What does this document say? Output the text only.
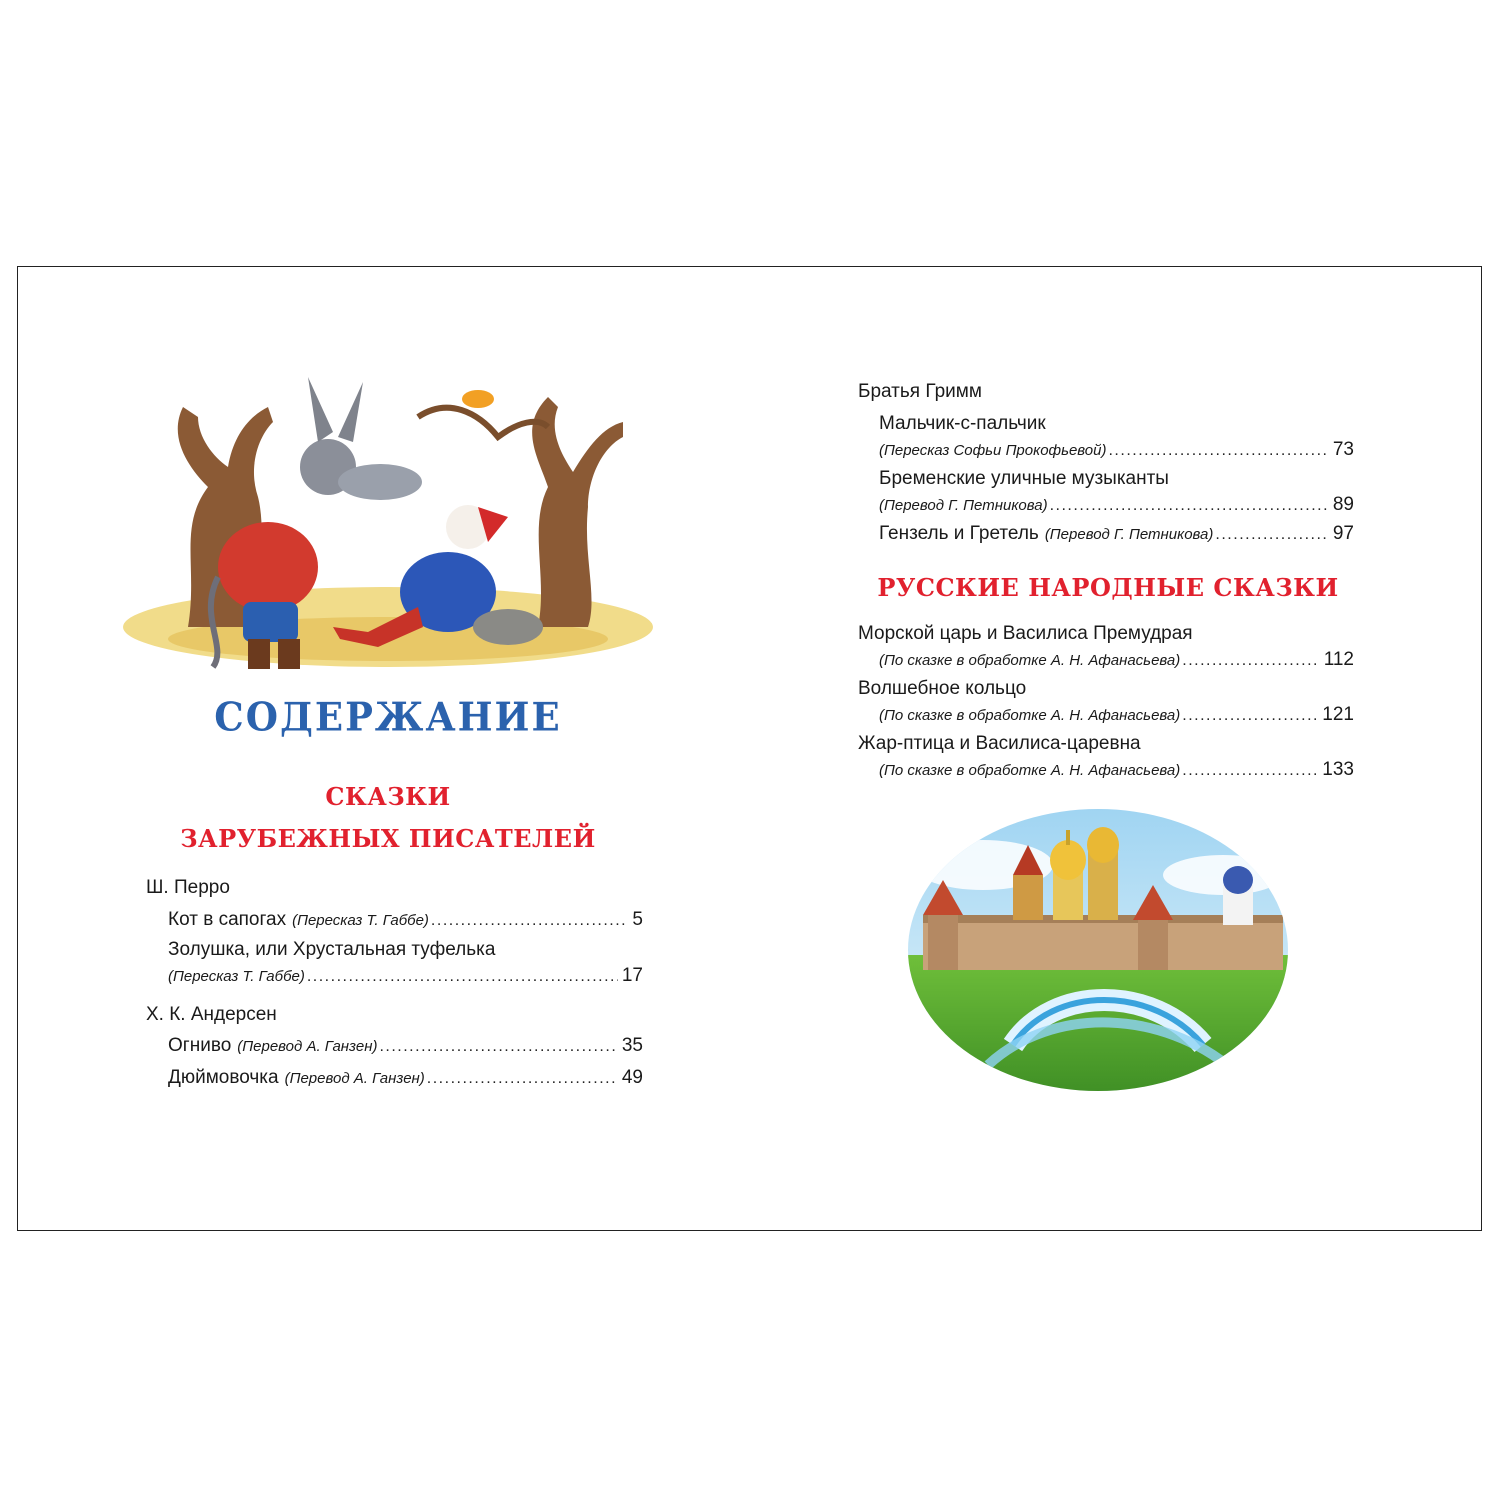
СОДЕРЖАНИЕ
СКАЗКИ
ЗАРУБЕЖНЫХ ПИСАТЕЛЕЙ
Ш. Перро
Кот в сапогах (Пересказ Т. Габбе) .....	5
Золушка, или Хрустальная туфелька
(Пересказ Т. Габбе) .....	17
Х. К. Андерсен
Огниво (Перевод А. Ганзен) .....	35
Дюймовочка (Перевод А. Ганзен) .....	49
Братья Гримм
Мальчик-с-пальчик
(Пересказ Софьи Прокофьевой) .....	73
Бременские уличные музыканты
(Перевод Г. Петникова) .....	89
Гензель и Гретель (Перевод Г. Петникова) .....	97
РУССКИЕ НАРОДНЫЕ СКАЗКИ
Морской царь и Василиса Премудрая
(По сказке в обработке А. Н. Афанасьева) .....	112
Волшебное кольцо
(По сказке в обработке А. Н. Афанасьева) .....	121
Жар-птица и Василиса-царевна
(По сказке в обработке А. Н. Афанасьева) .....	133
